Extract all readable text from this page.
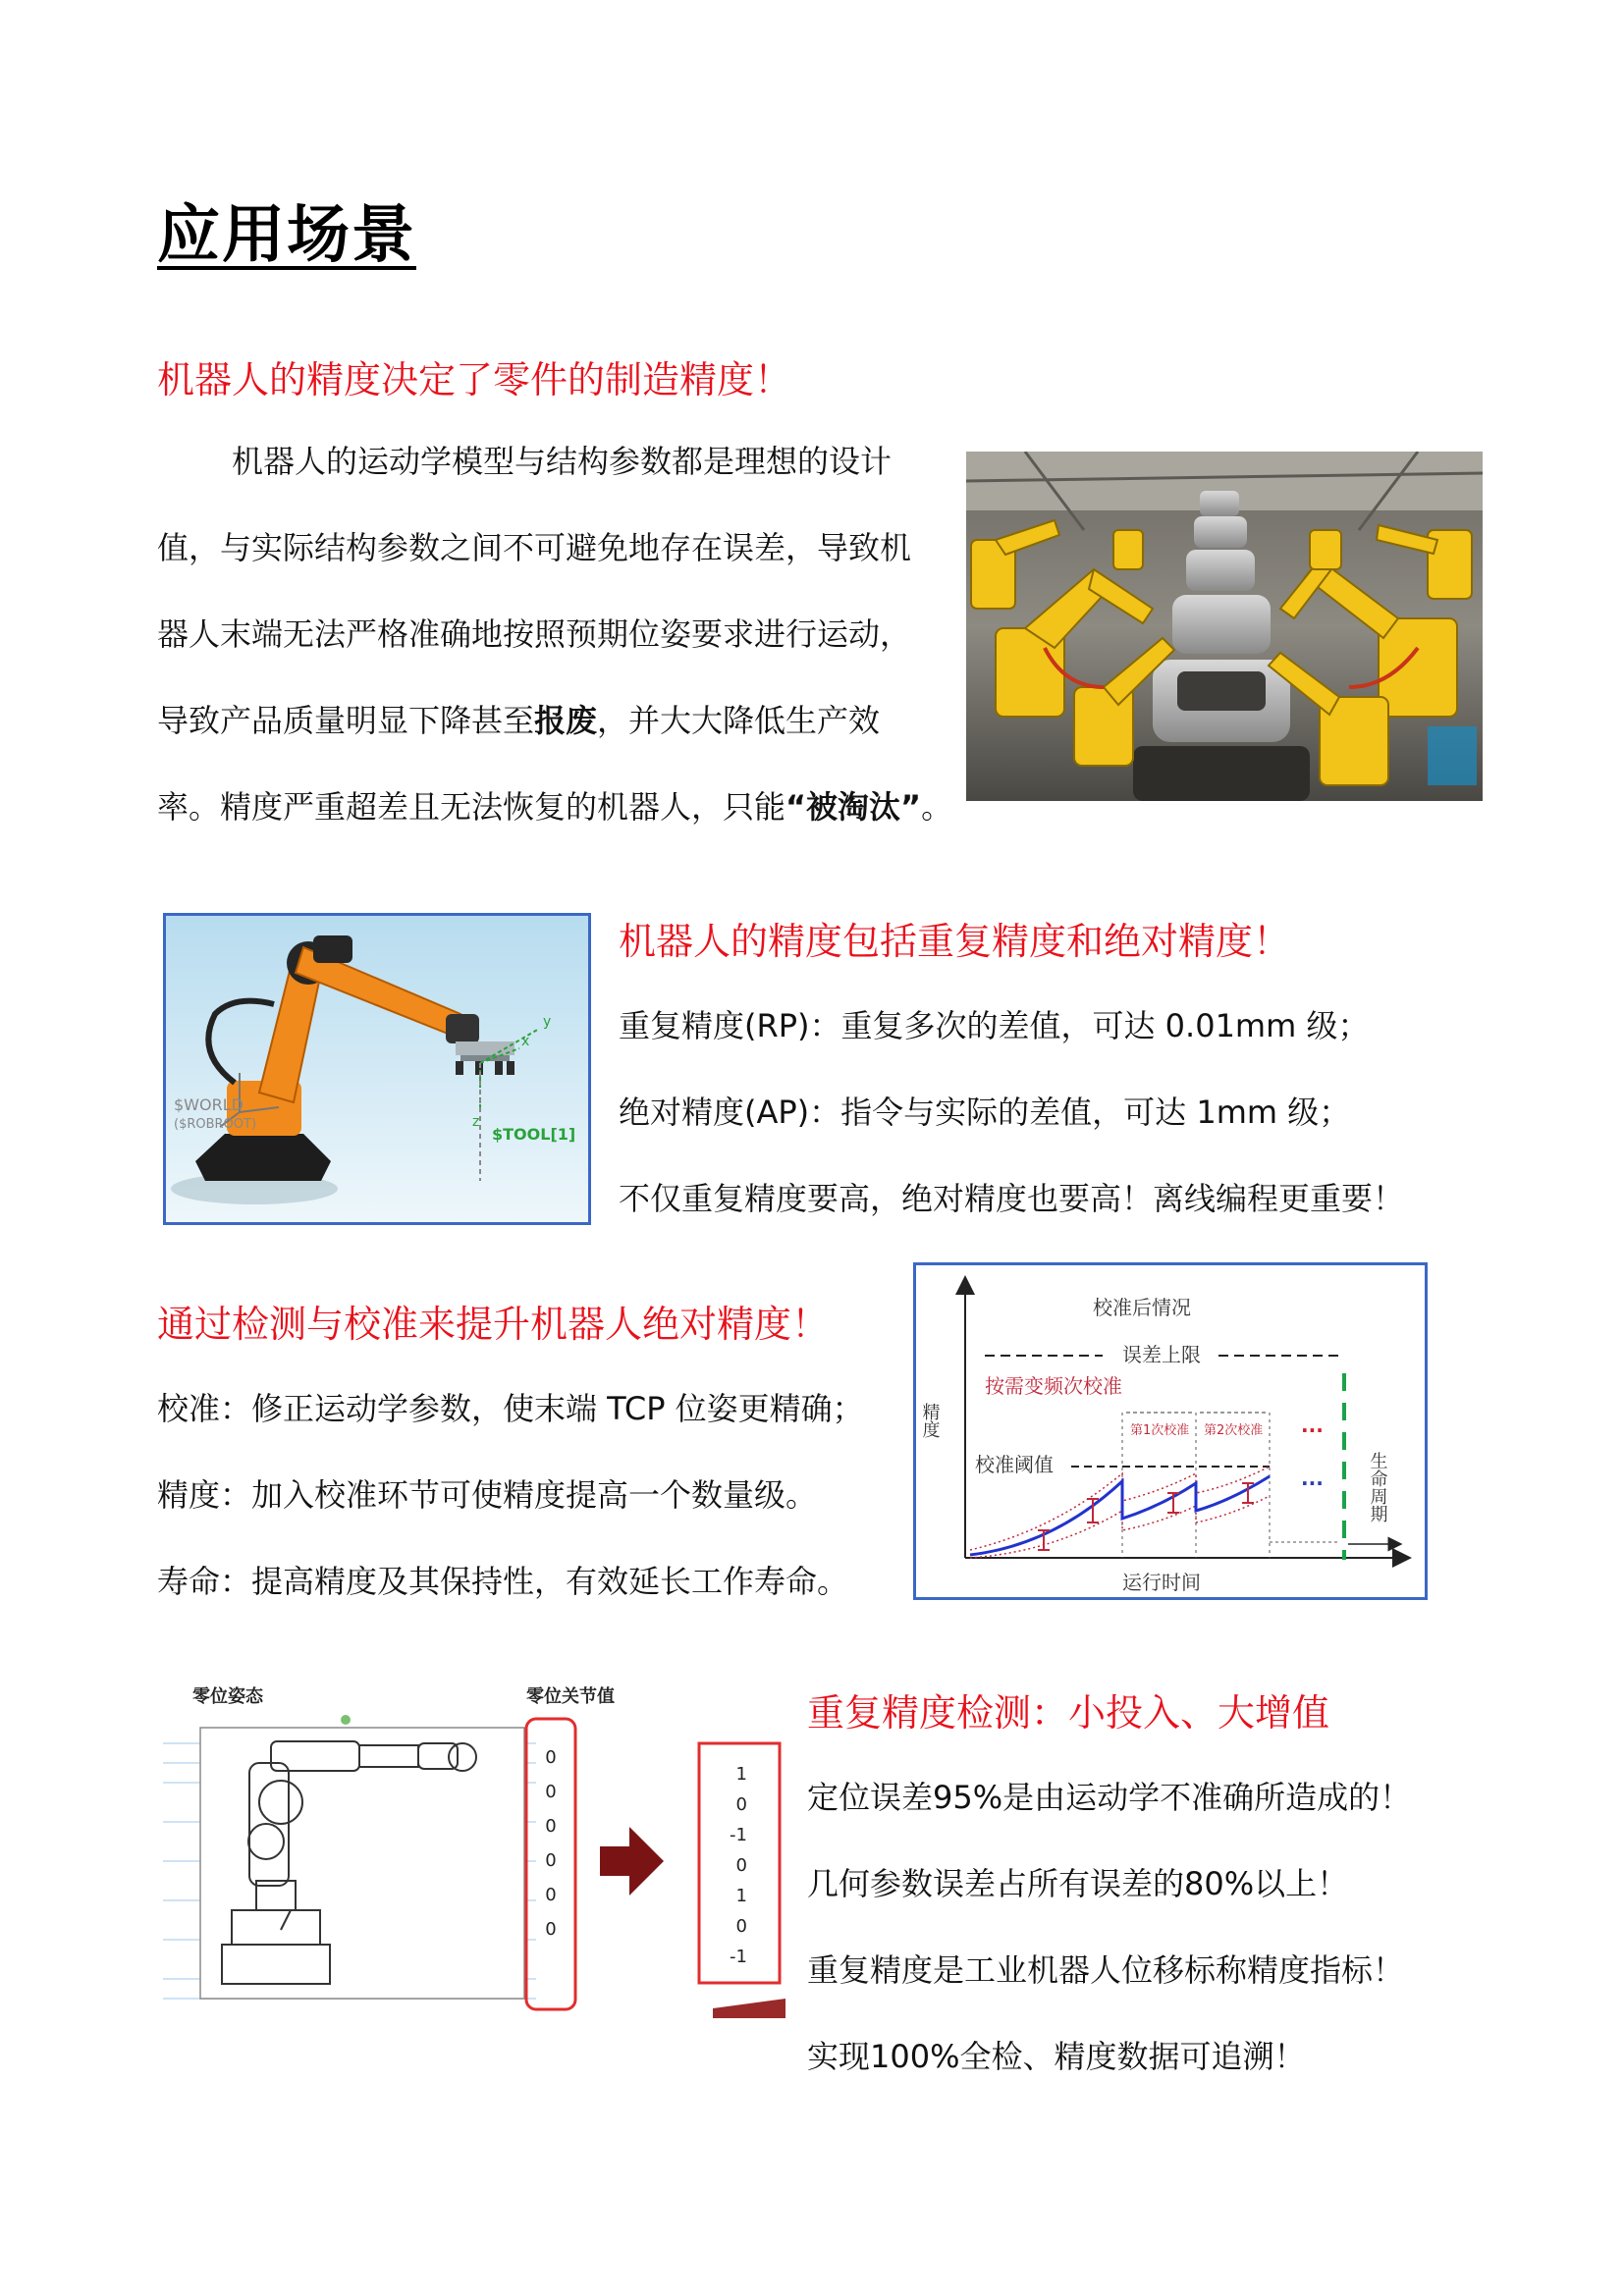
应用场景
机器人的精度决定了零件的制造精度！

机器人的运动学模型与结构参数都是理想的设计

值，与实际结构参数之间不可避免地存在误差，导致机

器人末端无法严格准确地按照预期位姿要求进行运动，

导致产品质量明显下降甚至报废，并大大降低生产效

率。精度严重超差且无法恢复的机器人，只能“被淘汰”。

$WORLD
($ROBROOT)
$TOOL[1]
x
y
z
机器人的精度包括重复精度和绝对精度！
重复精度(RP)：重复多次的差值，可达 0.01mm 级；
绝对精度(AP)：指令与实际的差值，可达 1mm 级；
不仅重复精度要高，绝对精度也要高！离线编程更重要！
通过检测与校准来提升机器人绝对精度！
校准：修正运动学参数，使末端 TCP 位姿更精确；
精度：加入校准环节可使精度提高一个数量级。
寿命：提高精度及其保持性，有效延长工作寿命。
校准后情况
精度
运行时间
误差上限
按需变频次校准
第1次校准 第2次校准 ...
校准阈值
... 生命周期
零位姿态	零位关节值
0
0
0
0
0
0
1
0
-1
0
1
0
-1
重复精度检测：小投入、大增值
定位误差95%是由运动学不准确所造成的！
几何参数误差占所有误差的80%以上！
重复精度是工业机器人位移标称精度指标！
实现100%全检、精度数据可追溯！
